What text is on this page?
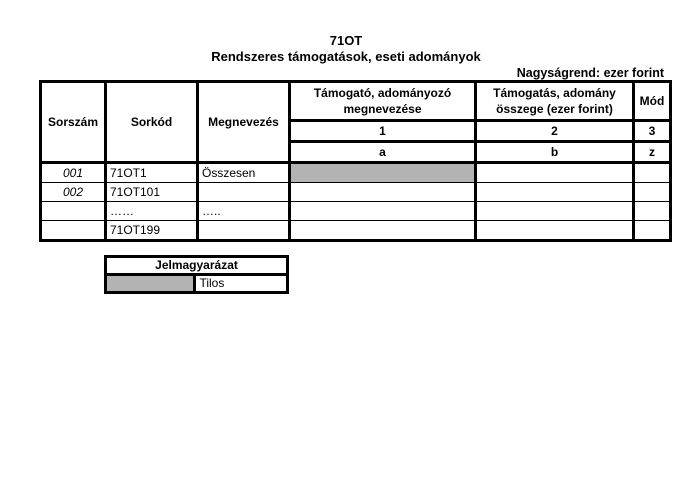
71OT
Rendszeres támogatások, eseti adományok
Nagyságrend: ezer forint
Sorszám	Sorkód	Megnevezés	Támogató, adományozó megnevezése	Támogatás, adomány összege (ezer forint)	Mód
			1	2	3
			a	b	z
001	71OT1	Összesen			
002	71OT101				
	……	…..			
	71OT199				
Jelmagyarázat
	Tilos
